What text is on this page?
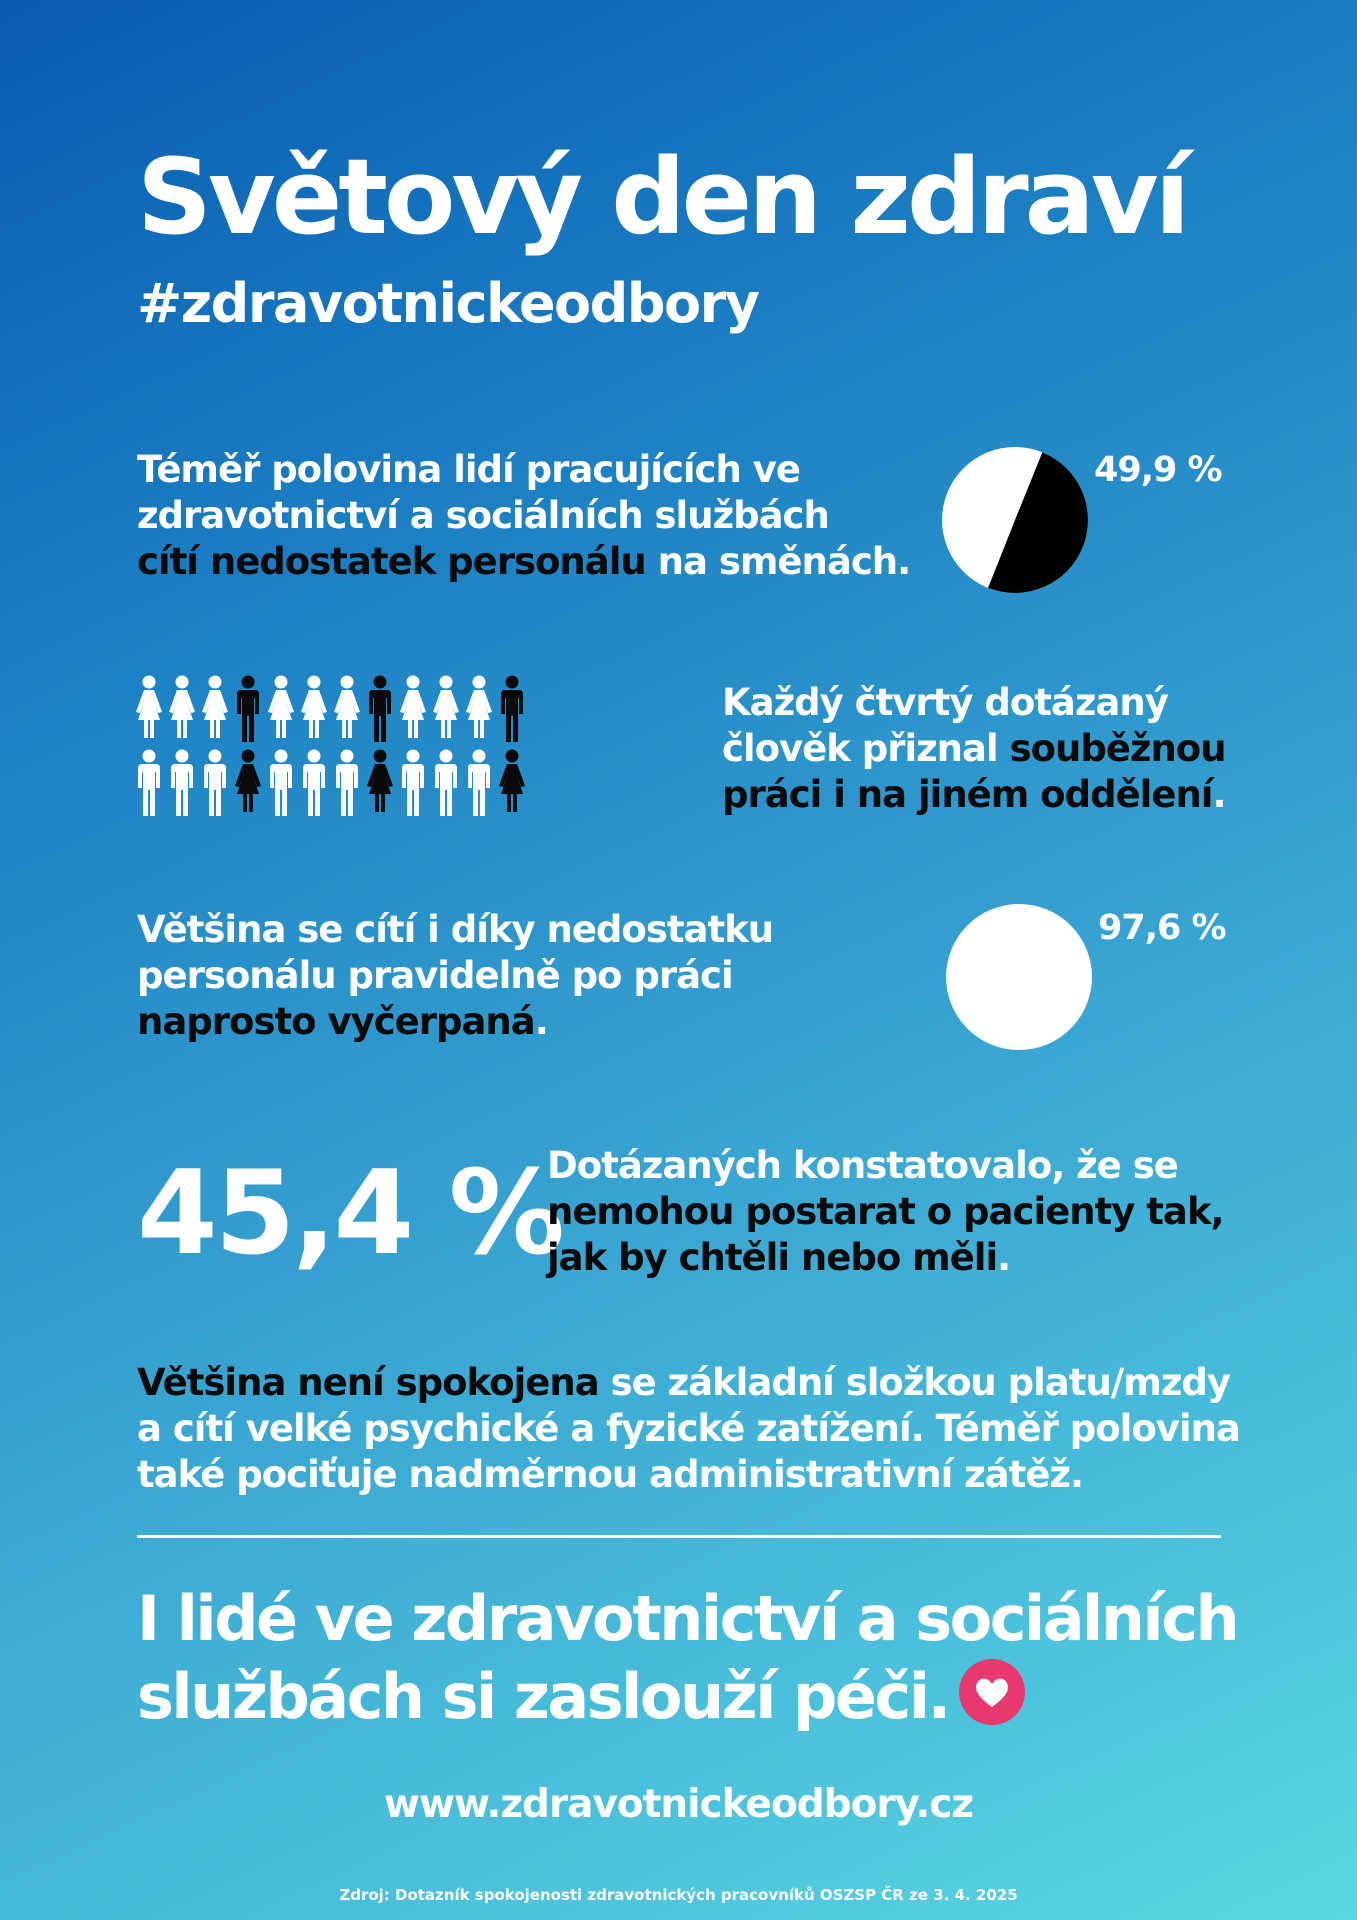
Světový den zdraví
#zdravotnickeodbory
Téměř polovina lidí pracujících ve
zdravotnictví a sociálních službách
cítí nedostatek personálu na směnách.
49,9 %
Každý čtvrtý dotázaný
člověk přiznal souběžnou
práci i na jiném oddělení.
Většina se cítí i díky nedostatku
personálu pravidelně po práci
naprosto vyčerpaná.
97,6 %
45,4 %
Dotázaných konstatovalo, že se
nemohou postarat o pacienty tak,
jak by chtěli nebo měli.
Většina není spokojena se základní složkou platu/mzdy
a cítí velké psychické a fyzické zatížení. Téměř polovina
také pociťuje nadměrnou administrativní zátěž.
I lidé ve zdravotnictví a sociálních službách si zaslouží péči.
www.zdravotnickeodbory.cz
Zdroj: Dotazník spokojenosti zdravotnických pracovníků OSZSP ČR ze 3. 4. 2025
